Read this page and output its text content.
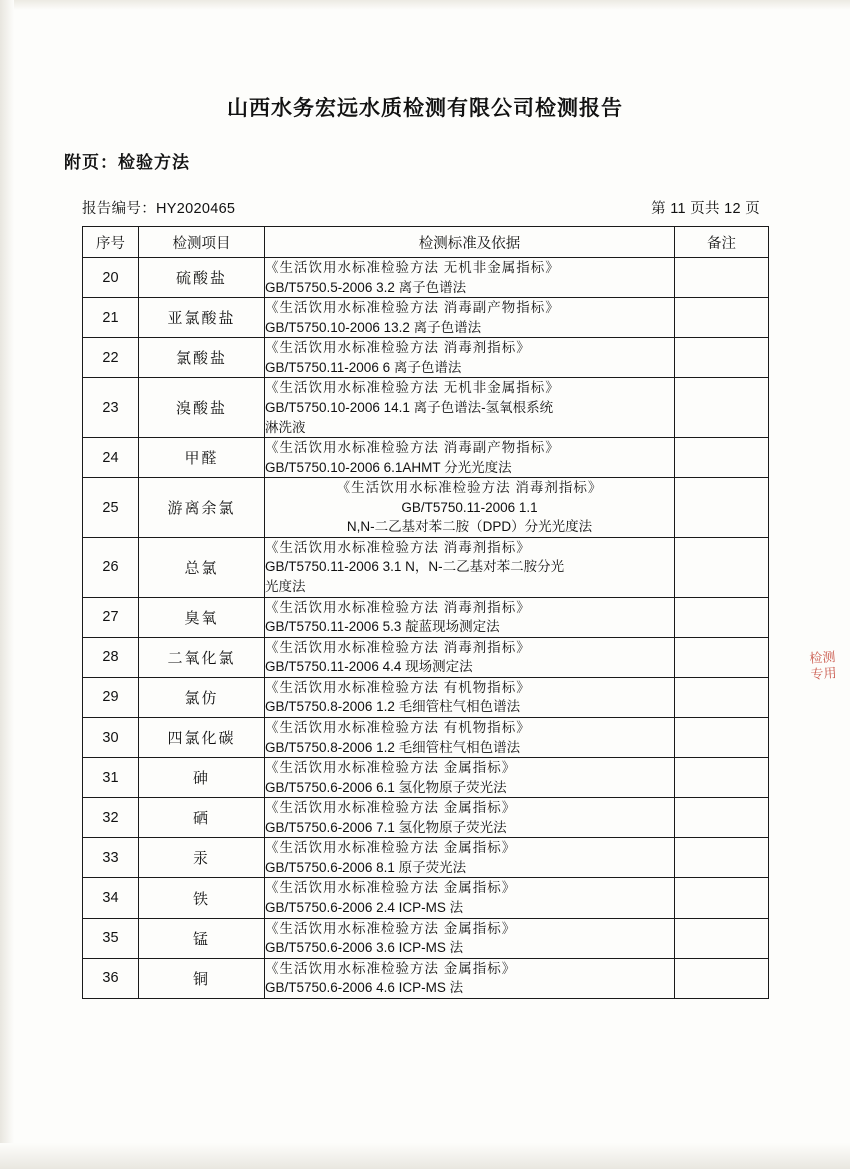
山西水务宏远水质检测有限公司检测报告
附页：检验方法
报告编号：HY2020465	第 11 页共 12 页
序号	检测项目	检测标准及依据	备注
20	硫酸盐	《生活饮用水标准检验方法 无机非金属指标》
GB/T5750.5-2006 3.2 离子色谱法	

21	亚氯酸盐	《生活饮用水标准检验方法 消毒副产物指标》
GB/T5750.10-2006 13.2 离子色谱法	

22	氯酸盐	《生活饮用水标准检验方法 消毒剂指标》
GB/T5750.11-2006 6 离子色谱法	

23	溴酸盐	《生活饮用水标准检验方法 无机非金属指标》
GB/T5750.10-2006 14.1 离子色谱法-氢氧根系统
淋洗液	

24	甲醛	《生活饮用水标准检验方法 消毒副产物指标》
GB/T5750.10-2006 6.1AHMT 分光光度法	

25	游离余氯	《生活饮用水标准检验方法 消毒剂指标》
GB/T5750.11-2006 1.1
N,N-二乙基对苯二胺（DPD）分光光度法	

26	总氯	《生活饮用水标准检验方法 消毒剂指标》
GB/T5750.11-2006 3.1 N，N-二乙基对苯二胺分光
光度法	

27	臭氧	《生活饮用水标准检验方法 消毒剂指标》
GB/T5750.11-2006 5.3 靛蓝现场测定法	

28	二氧化氯	《生活饮用水标准检验方法 消毒剂指标》
GB/T5750.11-2006 4.4 现场测定法	

29	氯仿	《生活饮用水标准检验方法 有机物指标》
GB/T5750.8-2006 1.2 毛细管柱气相色谱法	

30	四氯化碳	《生活饮用水标准检验方法 有机物指标》
GB/T5750.8-2006 1.2 毛细管柱气相色谱法	

31	砷	《生活饮用水标准检验方法 金属指标》
GB/T5750.6-2006 6.1 氢化物原子荧光法	

32	硒	《生活饮用水标准检验方法 金属指标》
GB/T5750.6-2006 7.1 氢化物原子荧光法	

33	汞	《生活饮用水标准检验方法 金属指标》
GB/T5750.6-2006 8.1 原子荧光法	

34	铁	《生活饮用水标准检验方法 金属指标》
GB/T5750.6-2006 2.4 ICP-MS 法	

35	锰	《生活饮用水标准检验方法 金属指标》
GB/T5750.6-2006 3.6 ICP-MS 法	

36	铜	《生活饮用水标准检验方法 金属指标》
GB/T5750.6-2006 4.6 ICP-MS 法	

检测专用
